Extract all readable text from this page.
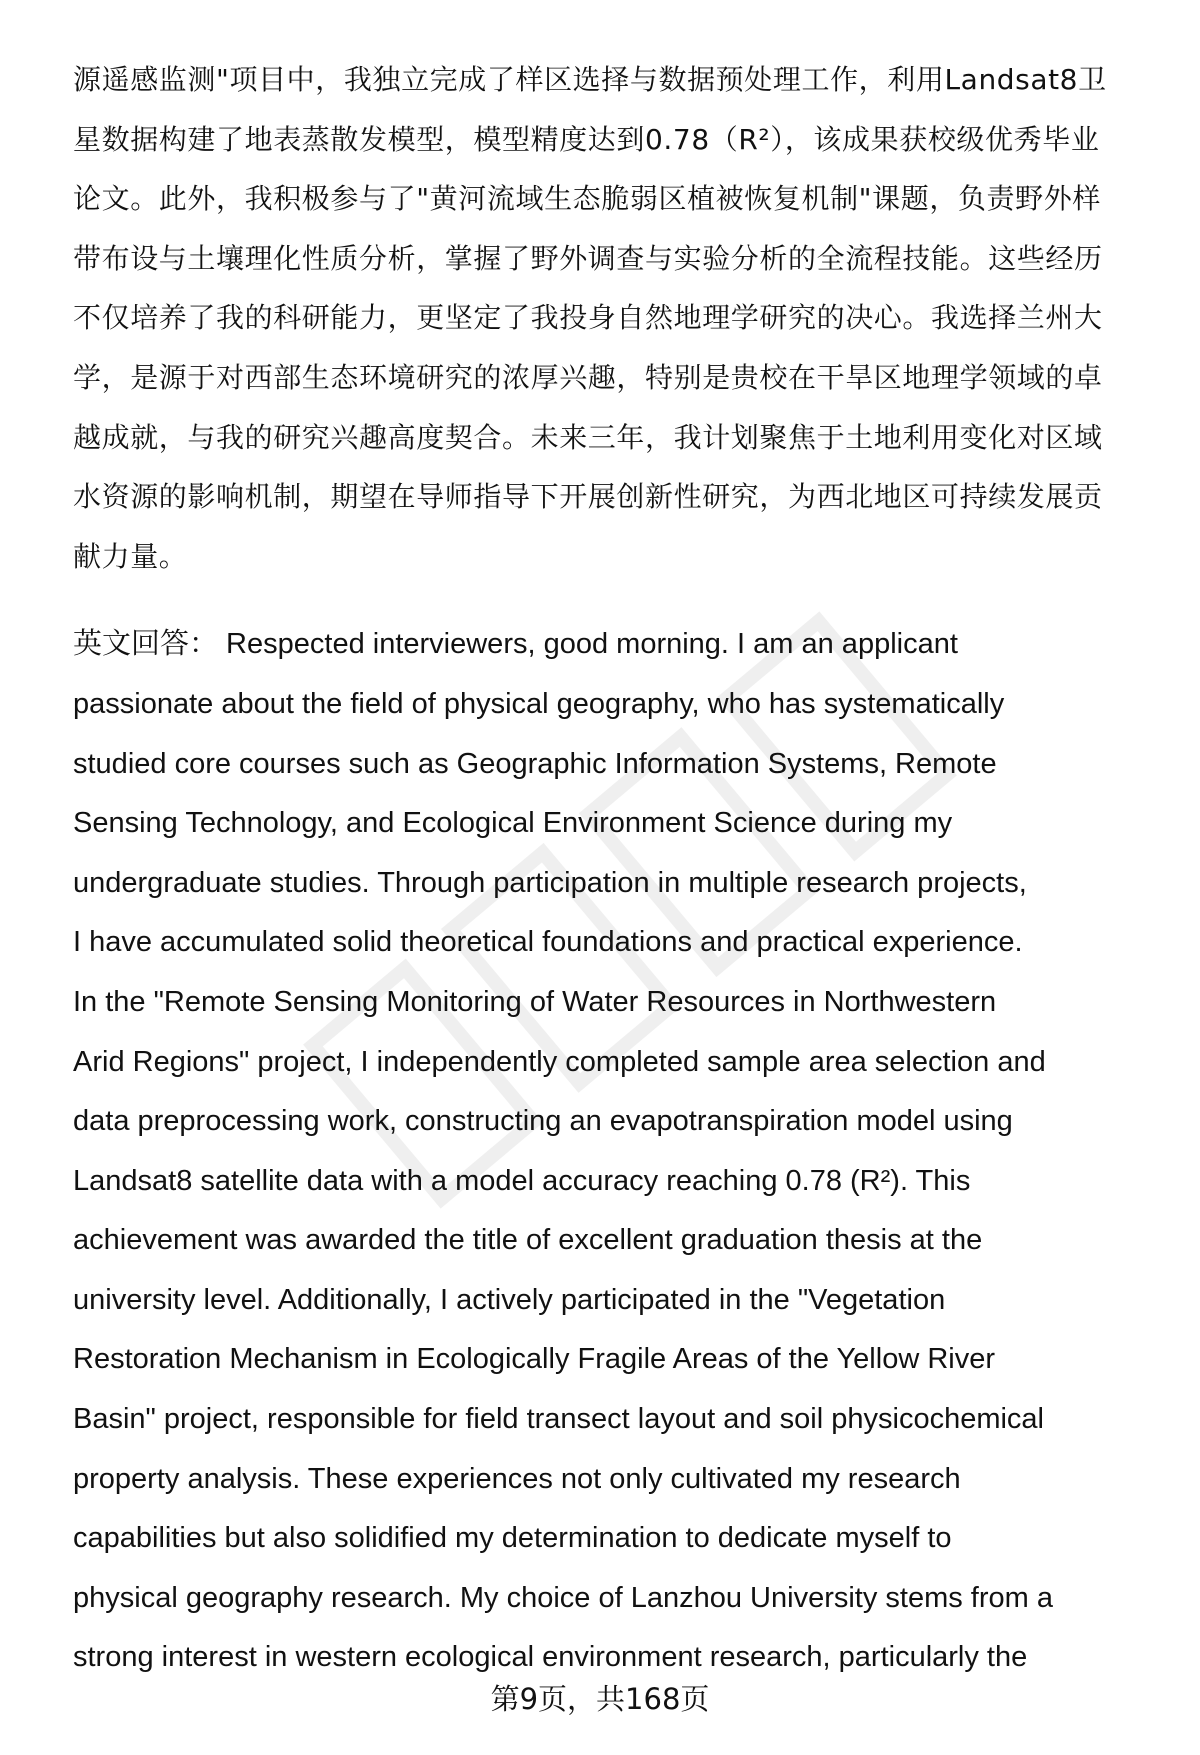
源遥感监测"项目中，我独立完成了样区选择与数据预处理工作，利用Landsat8卫
星数据构建了地表蒸散发模型，模型精度达到0.78（R²），该成果获校级优秀毕业
论文。此外，我积极参与了"黄河流域生态脆弱区植被恢复机制"课题，负责野外样
带布设与土壤理化性质分析，掌握了野外调查与实验分析的全流程技能。这些经历
不仅培养了我的科研能力，更坚定了我投身自然地理学研究的决心。我选择兰州大
学，是源于对西部生态环境研究的浓厚兴趣，特别是贵校在干旱区地理学领域的卓
越成就，与我的研究兴趣高度契合。未来三年，我计划聚焦于土地利用变化对区域
水资源的影响机制，期望在导师指导下开展创新性研究，为西北地区可持续发展贡
献力量。
英文回答： Respected interviewers, good morning. I am an applicant
passionate about the field of physical geography, who has systematically
studied core courses such as Geographic Information Systems, Remote
Sensing Technology, and Ecological Environment Science during my
undergraduate studies. Through participation in multiple research projects,
I have accumulated solid theoretical foundations and practical experience.
In the "Remote Sensing Monitoring of Water Resources in Northwestern
Arid Regions" project, I independently completed sample area selection and
data preprocessing work, constructing an evapotranspiration model using
Landsat8 satellite data with a model accuracy reaching 0.78 (R²). This
achievement was awarded the title of excellent graduation thesis at the
university level. Additionally, I actively participated in the "Vegetation
Restoration Mechanism in Ecologically Fragile Areas of the Yellow River
Basin" project, responsible for field transect layout and soil physicochemical
property analysis. These experiences not only cultivated my research
capabilities but also solidified my determination to dedicate myself to
physical geography research. My choice of Lanzhou University stems from a
strong interest in western ecological environment research, particularly the
第9页，共168页
